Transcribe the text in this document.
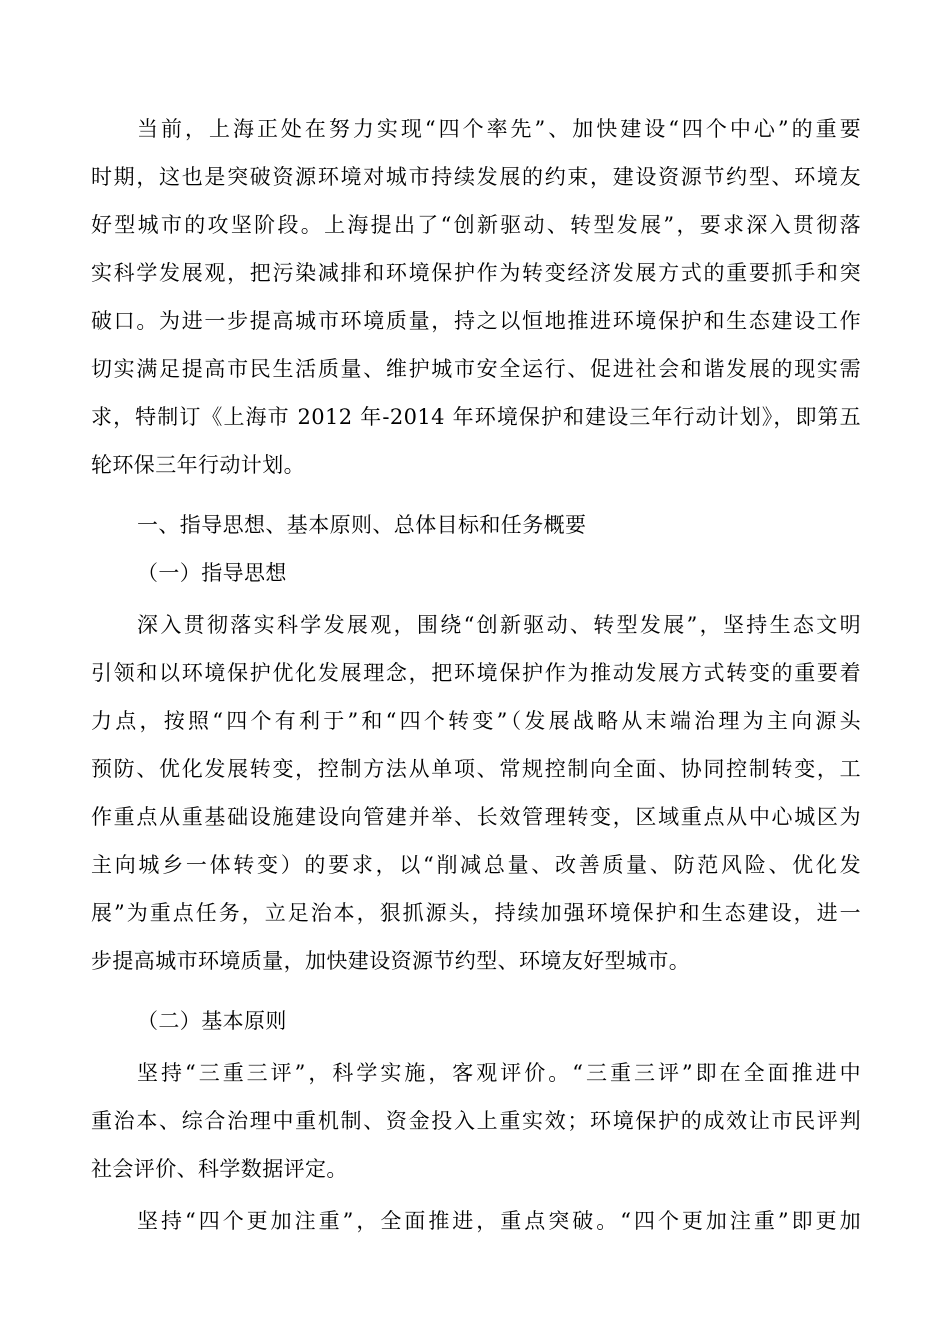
当前，上海正处在努力实现“四个率先”、加快建设“四个中心”的重要
时期，这也是突破资源环境对城市持续发展的约束，建设资源节约型、环境友
好型城市的攻坚阶段。上海提出了“创新驱动、转型发展”，要求深入贯彻落
实科学发展观，把污染减排和环境保护作为转变经济发展方式的重要抓手和突
破口。为进一步提高城市环境质量，持之以恒地推进环境保护和生态建设工作
切实满足提高市民生活质量、维护城市安全运行、促进社会和谐发展的现实需
求，特制订《上海市 2012 年-2014 年环境保护和建设三年行动计划》，即第五
轮环保三年行动计划。
一、指导思想、基本原则、总体目标和任务概要
（一）指导思想
深入贯彻落实科学发展观，围绕“创新驱动、转型发展”，坚持生态文明
引领和以环境保护优化发展理念，把环境保护作为推动发展方式转变的重要着
力点，按照“四个有利于”和“四个转变”（发展战略从末端治理为主向源头
预防、优化发展转变，控制方法从单项、常规控制向全面、协同控制转变，工
作重点从重基础设施建设向管建并举、长效管理转变，区域重点从中心城区为
主向城乡一体转变）的要求，以“削减总量、改善质量、防范风险、优化发
展”为重点任务，立足治本，狠抓源头，持续加强环境保护和生态建设，进一
步提高城市环境质量，加快建设资源节约型、环境友好型城市。
（二）基本原则
坚持“三重三评”，科学实施，客观评价。“三重三评”即在全面推进中
重治本、综合治理中重机制、资金投入上重实效；环境保护的成效让市民评判
社会评价、科学数据评定。
坚持“四个更加注重”，全面推进，重点突破。“四个更加注重”即更加
